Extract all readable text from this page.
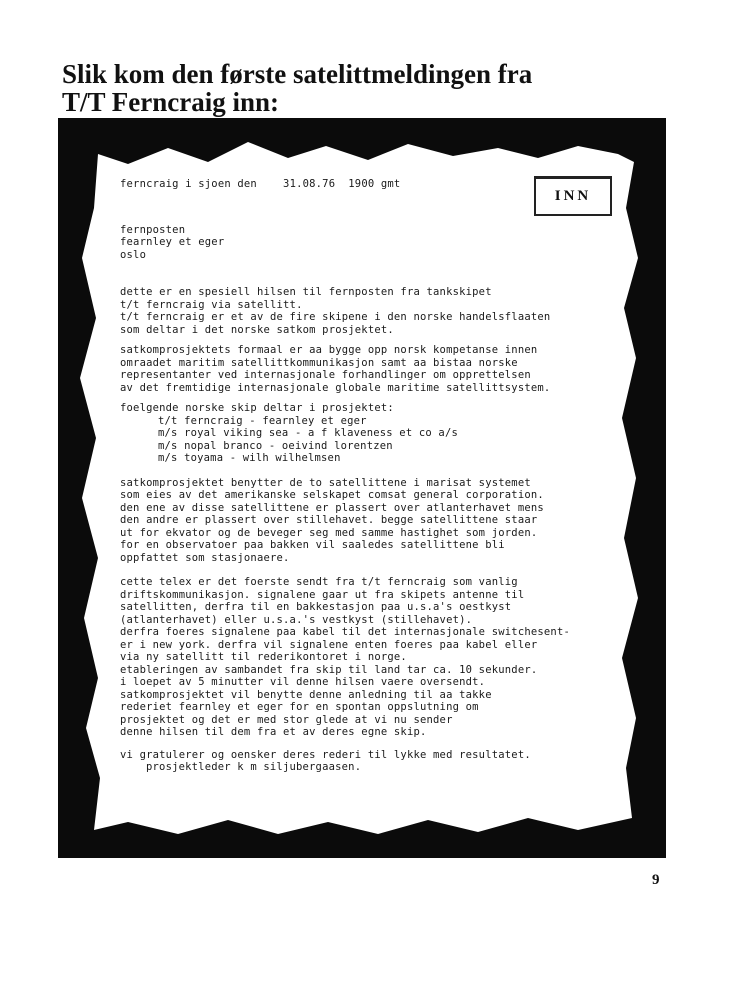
Slik kom den første satelittmeldingen fra
T/T Ferncraig inn:
INN

ferncraig i sjoen den 31.08.76 1900 gmt

fernposten
fearnley et eger
oslo
dette er en spesiell hilsen til fernposten fra tankskipet
t/t ferncraig via satellitt.
t/t ferncraig er et av de fire skipene i den norske handelsflaaten
som deltar i det norske satkom prosjektet.
satkomprosjektets formaal er aa bygge opp norsk kompetanse innen
omraadet maritim satellittkommunikasjon samt aa bistaa norske
representanter ved internasjonale forhandlinger om opprettelsen
av det fremtidige internasjonale globale maritime satellittsystem.
foelgende norske skip deltar i prosjektet:
t/t ferncraig - fearnley et eger
m/s royal viking sea - a f klaveness et co a/s
m/s nopal branco - oeivind lorentzen
m/s toyama - wilh wilhelmsen
satkomprosjektet benytter de to satellittene i marisat systemet
som eies av det amerikanske selskapet comsat general corporation.
den ene av disse satellittene er plassert over atlanterhavet mens
den andre er plassert over stillehavet. begge satellittene staar
ut for ekvator og de beveger seg med samme hastighet som jorden.
for en observatoer paa bakken vil saaledes satellittene bli
oppfattet som stasjonaere.
cette telex er det foerste sendt fra t/t ferncraig som vanlig
driftskommunikasjon. signalene gaar ut fra skipets antenne til
satellitten, derfra til en bakkestasjon paa u.s.a's oestkyst
(atlanterhavet) eller u.s.a.'s vestkyst (stillehavet).
derfra foeres signalene paa kabel til det internasjonale switchesent-
er i new york. derfra vil signalene enten foeres paa kabel eller
via ny satellitt til rederikontoret i norge.
etableringen av sambandet fra skip til land tar ca. 10 sekunder.
i loepet av 5 minutter vil denne hilsen vaere oversendt.
satkomprosjektet vil benytte denne anledning til aa takke
rederiet fearnley et eger for en spontan oppslutning om
prosjektet og det er med stor glede at vi nu sender
denne hilsen til dem fra et av deres egne skip.
vi gratulerer og oensker deres rederi til lykke med resultatet.
prosjektleder k m siljubergaasen.
9
